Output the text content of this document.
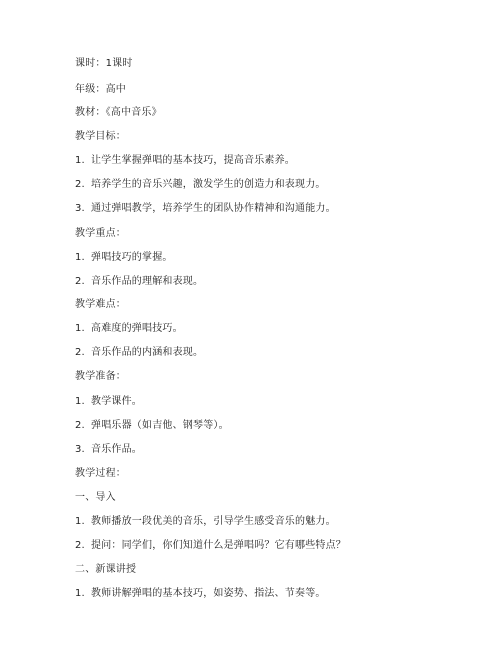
课时：1课时
年级：高中
教材：《高中音乐》
教学目标：
1. 让学生掌握弹唱的基本技巧，提高音乐素养。
2. 培养学生的音乐兴趣，激发学生的创造力和表现力。
3. 通过弹唱教学，培养学生的团队协作精神和沟通能力。
教学重点：
1. 弹唱技巧的掌握。
2. 音乐作品的理解和表现。
教学难点：
1. 高难度的弹唱技巧。
2. 音乐作品的内涵和表现。
教学准备：
1. 教学课件。
2. 弹唱乐器（如吉他、钢琴等）。
3. 音乐作品。
教学过程：
一、导入
1. 教师播放一段优美的音乐，引导学生感受音乐的魅力。
2. 提问：同学们，你们知道什么是弹唱吗？它有哪些特点？
二、新课讲授
1. 教师讲解弹唱的基本技巧，如姿势、指法、节奏等。
